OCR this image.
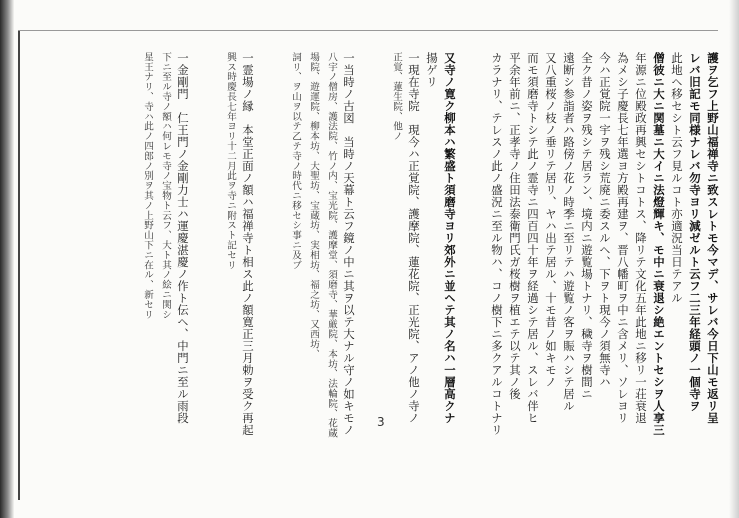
護ヲ乞フ上野山福禅寺ニ致スレトモ今マデ、サレバ今日下山モ返リ呈
レバ旧記モ同様ナレバ勿寺ヨリ減ゼルト云フ二三年経頭ノ一個寺ヲ
此地ヘ移セシト云フ見ルコト亦適況当日テアル
僧彼ニ大ニ関墓ニ大イニ法燈輝キ、モ中ニ衰退シ絶エントセシヲ人享三
年源ニ位殿政再興セシトコトス、降リテ文化五年此地ニ移リ一荘衰退
為メシ子慶長七年選ヨ方殿再建ヲ、晋八幡町ヲ中ニ含メリ、ソレヨリ
今ハ正覚院一宇ヲ残シ荒廃ニ委スルヘ、下ヲト現今ノ須無寺ハ
全ク昔ノ姿ヲ残シテ居ラン、境内ニ遊覧場トナリ、穢寺ヲ樹間ニ
遠断シ参詣者ハ路傍ノ花ノ時季ニ至リテハ遊覧ノ客ヲ賑ハシテ居ル
又八重桜ノ枝ノ垂リテ居リ、ヤハ出テ居ル、十モ昔ノ如キモノ
而モ須磨寺トシテ此ノ霊寺ニ四百四十年ヲ経過シテ居ル、スレバ伴ヒ
平余年前ニ、正孝寺ノ住田法泰衛門氏ガ桜樹ヲ植エテ以テ其ノ後
カラナリ、テレスノ此ノ盛況ニ至ル物ハ、コノ樹下ニ多クアルコトナリ
又寺ノ寛ク柳本ハ繁盛ト須磨寺ヨリ郊外ニ並ヘテ其ノ名ハ一層高クナ
揚ゲリ
一現在寺院　現今ハ正覚院、護摩院、蓮花院、正光院、アノ他ノ寺ノ
正覚、蓮生院、他ノ
一当時ノ古図　当時ノ天幕ト云フ鏡ノ中ニ其ヲ以テ大ナル守ノ如キモノ
八宇ノ僧房、護法院、竹ノ内、宝光院、護摩堂、須磨寺、華厳院、本坊、法輪院、花蔵
場院、遊運院、柳本坊、大聖坊、宝蔵坊、実相坊、福之坊、又西坊、
詞リ、ヲ山ヲ以テ乙テ寺ノ時代ニ移セシ事ニ及ブ
一霊場ノ縁　本堂正面ノ額ハ福禅寺ト相ス此ノ額寛正三月勅ヲ受ク再起
興ス時慶長七年ヨリ十二月此ヲ寺ニ附スト記セリ
一金剛門　仁王門ノ金剛力士ハ運慶湛慶ノ作ト伝ヘ、中門ニ至ル雨段
下ニ至ル寺ノ額ハ何レモ寺ノ宝物ト云フ、大ト其ノ絵ニ関シ
星王ナリ、寺ハ此ノ四郎ノ別ヲ其ノ上野山下ニ在ル、新セリ
3
